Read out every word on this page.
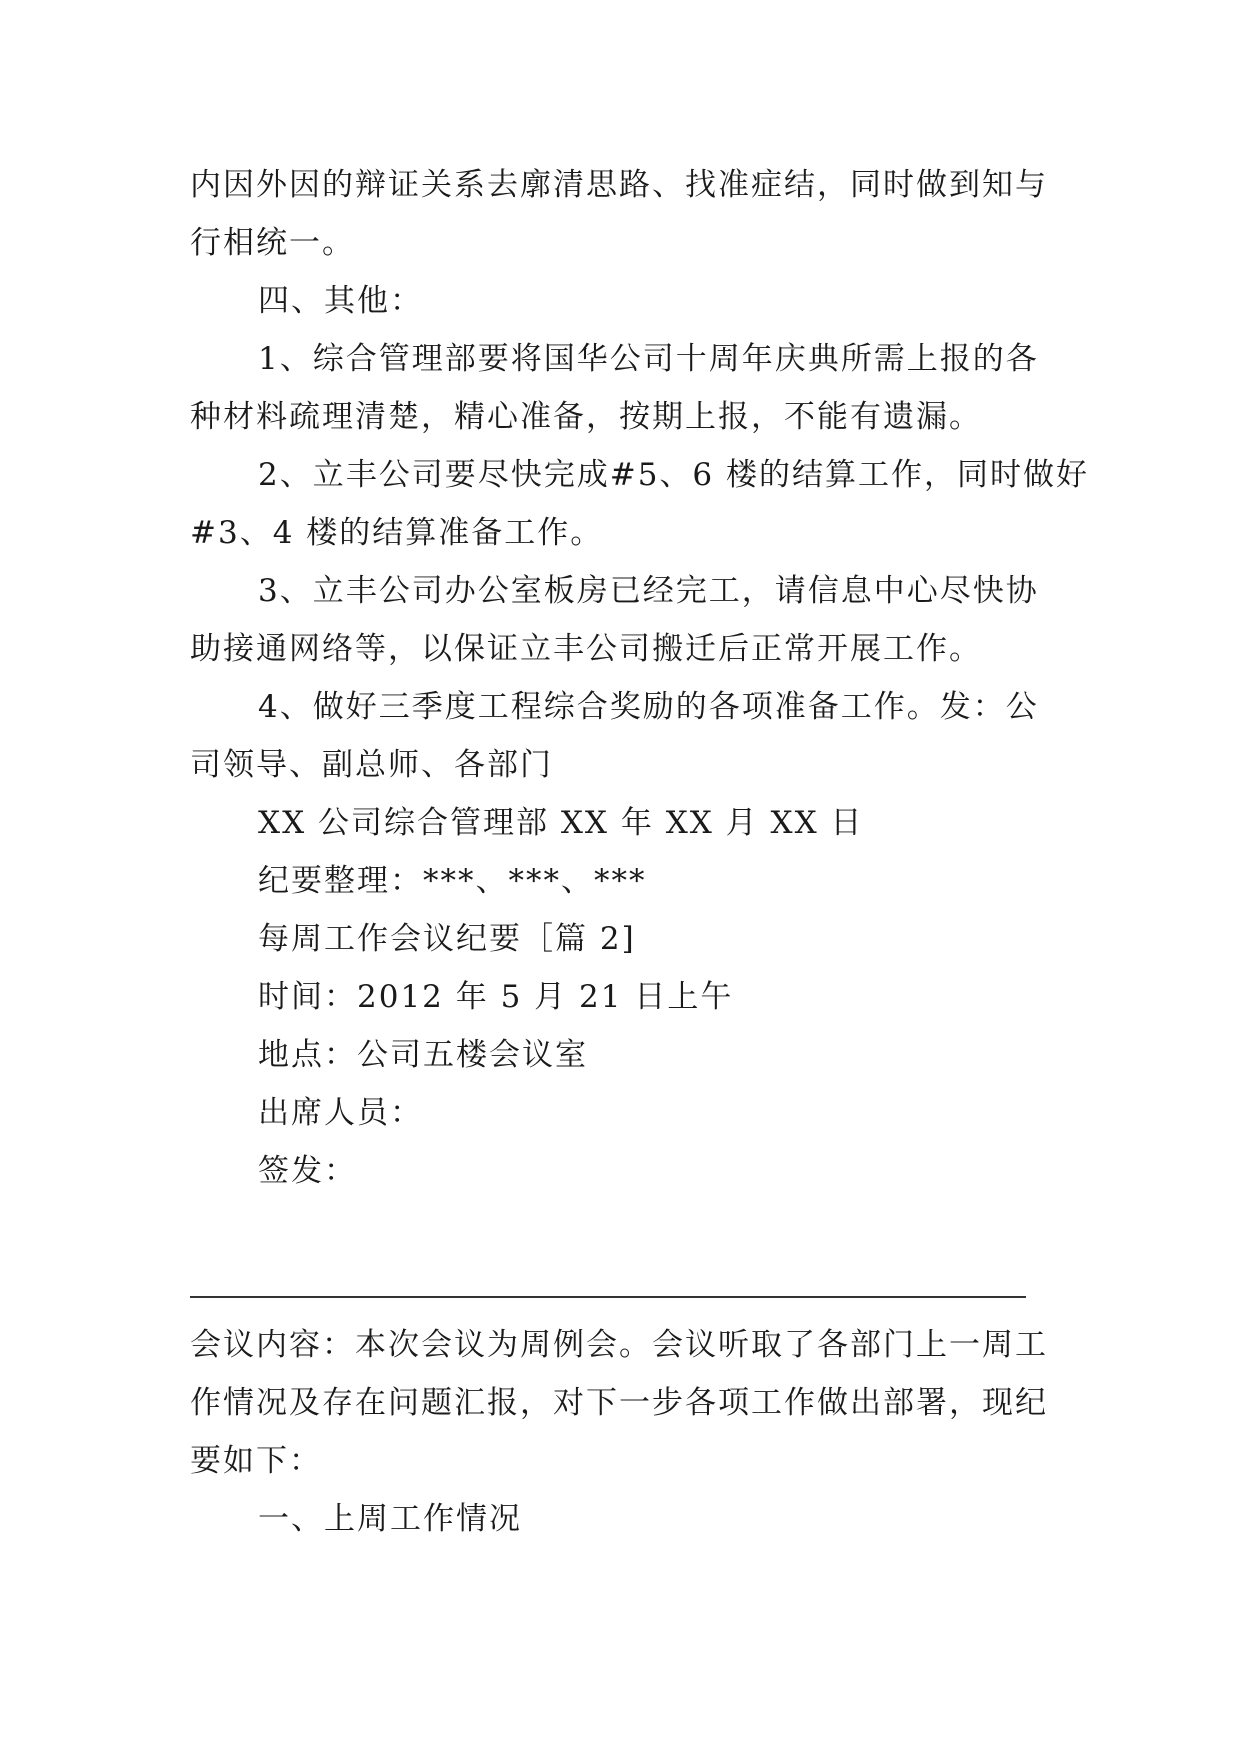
内因外因的辩证关系去廓清思路、找准症结，同时做到知与
行相统一。
四、其他：
1、综合管理部要将国华公司十周年庆典所需上报的各
种材料疏理清楚，精心准备，按期上报，不能有遗漏。
2、立丰公司要尽快完成#5、6 楼的结算工作，同时做好
#3、4 楼的结算准备工作。
3、立丰公司办公室板房已经完工，请信息中心尽快协
助接通网络等，以保证立丰公司搬迁后正常开展工作。
4、做好三季度工程综合奖励的各项准备工作。发：公
司领导、副总师、各部门
XX 公司综合管理部 XX 年 XX 月 XX 日
纪要整理：***、***、***
每周工作会议纪要［篇 2]
时间：2012 年 5 月 21 日上午
地点：公司五楼会议室
出席人员：
签发：
会议内容：本次会议为周例会。会议听取了各部门上一周工
作情况及存在问题汇报，对下一步各项工作做出部署，现纪
要如下：
一、上周工作情况
